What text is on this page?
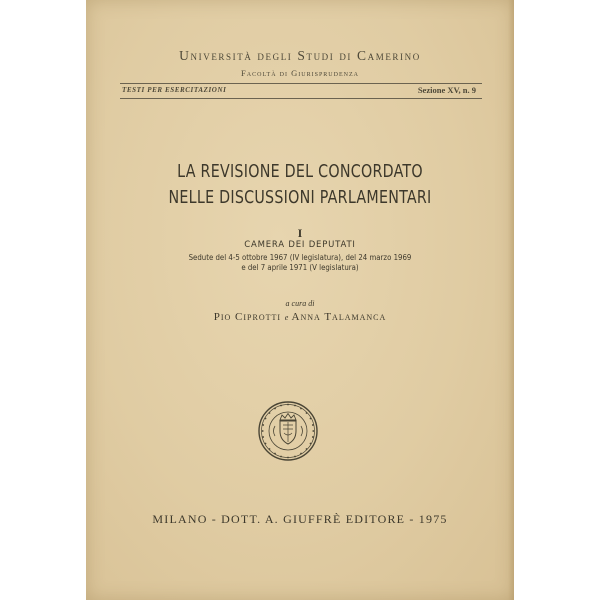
Università degli Studi di Camerino
Facoltà di Giurisprudenza
TESTI PER ESERCITAZIONI	Sezione XV, n. 9
LA REVISIONE DEL CONCORDATO
NELLE DISCUSSIONI PARLAMENTARI
I
CAMERA DEI DEPUTATI
Sedute del 4-5 ottobre 1967 (IV legislatura), del 24 marzo 1969
e del 7 aprile 1971 (V legislatura)
a cura di
Pio Ciprotti e Anna Talamanca
MILANO - DOTT. A. GIUFFRÈ EDITORE - 1975
